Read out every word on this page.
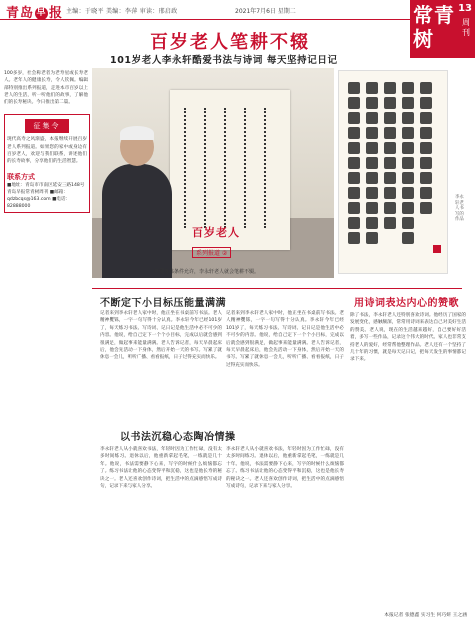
青岛 早 报 主编：于晓平 美编：李萍 审读：邢启政	2021年7月6日 星期二	常青树
13
周刊
百岁老人笔耕不辍
101岁老人李永轩酷爱书法与诗词 每天坚持记日记
100多岁，社会称老者为老寿星或长寿老人。老年人的健康长寿，令人钦佩。编辑部特别推出系列报道，走进本市百岁以上老人的生活，听一听他们的故事，了解他们的长寿秘诀。今日推出第二篇。
征集令
现代高寿之风渐盛，本报继续开展百岁老人系列报道。如果您的家中或身边有百岁老人，欢迎与我们联系，讲述他们的长寿故事，分享他们的生活智慧。
联系方式
■地址：青岛市市南区延安三路148号 青岛早报常青树周刊 ■邮箱：qdzbcqs@163.com ■电话：82888000
百岁老人
系列报道 ②
只要身体条件允许，李永轩老人就会笔耕不辍。
李永轩老人书写的作品
不断定下小目标压能量满满
记者来到李永轩老人家中时，他正坐在书桌前写书法。老人精神矍铄，一字一句写得十分认真。李永轩今年已经101岁了，每天练习书法、写诗词、记日记是他生活中必不可少的内容。他说，给自己定下一个个小目标，完成以后就会感到很满足，做起事来能量满满。老人告诉记者，每天早晨起床后，他会先活动一下身体，然后开始一天的书写。写累了就休息一会儿，听听广播、看看报纸，日子过得充实而快乐。
记者来到李永轩老人家中时，他正坐在书桌前写书法。老人精神矍铄，一字一句写得十分认真。李永轩今年已经101岁了，每天练习书法、写诗词、记日记是他生活中必不可少的内容。他说，给自己定下一个个小目标，完成以后就会感到很满足，做起事来能量满满。老人告诉记者，每天早晨起床后，他会先活动一下身体，然后开始一天的书写。写累了就休息一会儿，听听广播、看看报纸，日子过得充实而快乐。
以书法沉稳心态陶冶情操
李永轩老人从小就喜欢书法，年轻时因为工作忙碌，没有太多时间练习。退休以后，他重新拿起毛笔，一练就是几十年。他说，书法需要静下心来，写字的时候什么烦恼都忘了。练习书法让他的心态变得平和沉稳，这也是他长寿的秘诀之一。老人还喜欢创作诗词，把生活中的点滴感悟写成诗句，记录下来与家人分享。
李永轩老人从小就喜欢书法，年轻时因为工作忙碌，没有太多时间练习。退休以后，他重新拿起毛笔，一练就是几十年。他说，书法需要静下心来，写字的时候什么烦恼都忘了。练习书法让他的心态变得平和沉稳，这也是他长寿的秘诀之一。老人还喜欢创作诗词，把生活中的点滴感悟写成诗句，记录下来与家人分享。
用诗词表达内心的赞歌
除了书法，李永轩老人还特别喜欢诗词。他经历了国家的发展变化，感触颇深，常常用诗词来表达自己对美好生活的赞美。老人说，现在的生活越来越好，自己要好好活着，多写一些作品，记录这个伟大的时代。家人也非常支持老人的爱好，经常帮他整理作品。老人还有一个坚持了几十年的习惯，就是每天记日记，把每天发生的事情都记录下来。
本报记者 张德鑫 实习生 何巧妍 王之涵
